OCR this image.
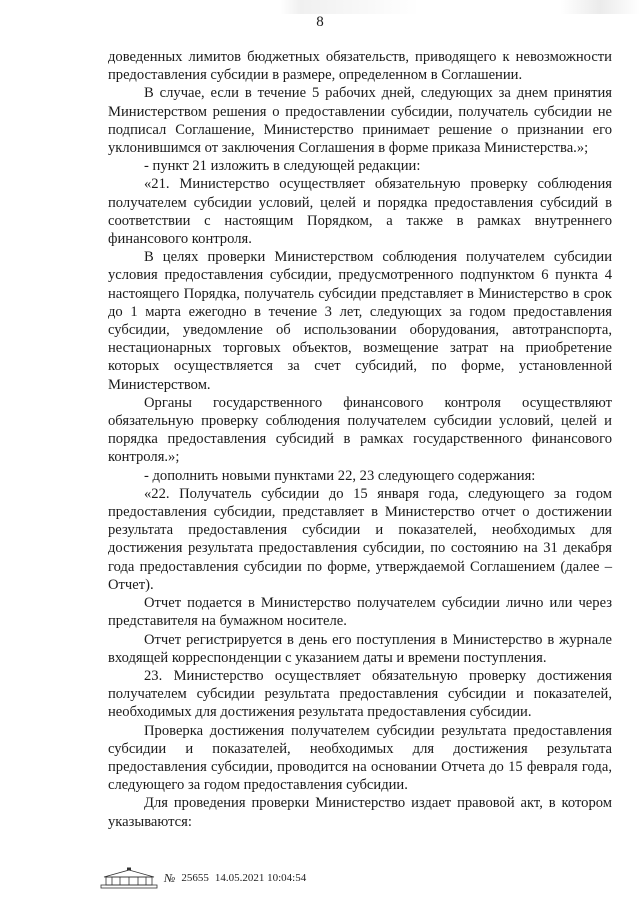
8

доведенных лимитов бюджетных обязательств, приводящего к невозможности предоставления субсидии в размере, определенном в Соглашении.

В случае, если в течение 5 рабочих дней, следующих за днем принятия Министерством решения о предоставлении субсидии, получатель субсидии не подписал Соглашение, Министерство принимает решение о признании его уклонившимся от заключения Соглашения в форме приказа Министерства.»;

- пункт 21 изложить в следующей редакции:

«21. Министерство осуществляет обязательную проверку соблюдения получателем субсидии условий, целей и порядка предоставления субсидий в соответствии с настоящим Порядком, а также в рамках внутреннего финансового контроля.

В целях проверки Министерством соблюдения получателем субсидии условия предоставления субсидии, предусмотренного подпунктом 6 пункта 4 настоящего Порядка, получатель субсидии представляет в Министерство в срок до 1 марта ежегодно в течение 3 лет, следующих за годом предоставления субсидии, уведомление об использовании оборудования, автотранспорта, нестационарных торговых объектов, возмещение затрат на приобретение которых осуществляется за счет субсидий, по форме, установленной Министерством.

Органы государственного финансового контроля осуществляют обязательную проверку соблюдения получателем субсидии условий, целей и порядка предоставления субсидий в рамках государственного финансового контроля.»;

- дополнить новыми пунктами 22, 23 следующего содержания:

«22. Получатель субсидии до 15 января года, следующего за годом предоставления субсидии, представляет в Министерство отчет о достижении результата предоставления субсидии и показателей, необходимых для достижения результата предоставления субсидии, по состоянию на 31 декабря года предоставления субсидии по форме, утверждаемой Соглашением (далее – Отчет).

Отчет подается в Министерство получателем субсидии лично или через представителя на бумажном носителе.

Отчет регистрируется в день его поступления в Министерство в журнале входящей корреспонденции с указанием даты и времени поступления.

23. Министерство осуществляет обязательную проверку достижения получателем субсидии результата предоставления субсидии и показателей, необходимых для достижения результата предоставления субсидии.

Проверка достижения получателем субсидии результата предоставления субсидии и показателей, необходимых для достижения результата предоставления субсидии, проводится на основании Отчета до 15 февраля года, следующего за годом предоставления субсидии.

Для проведения проверки Министерство издает правовой акт, в котором указываются:

№ 25655 14.05.2021 10:04:54
